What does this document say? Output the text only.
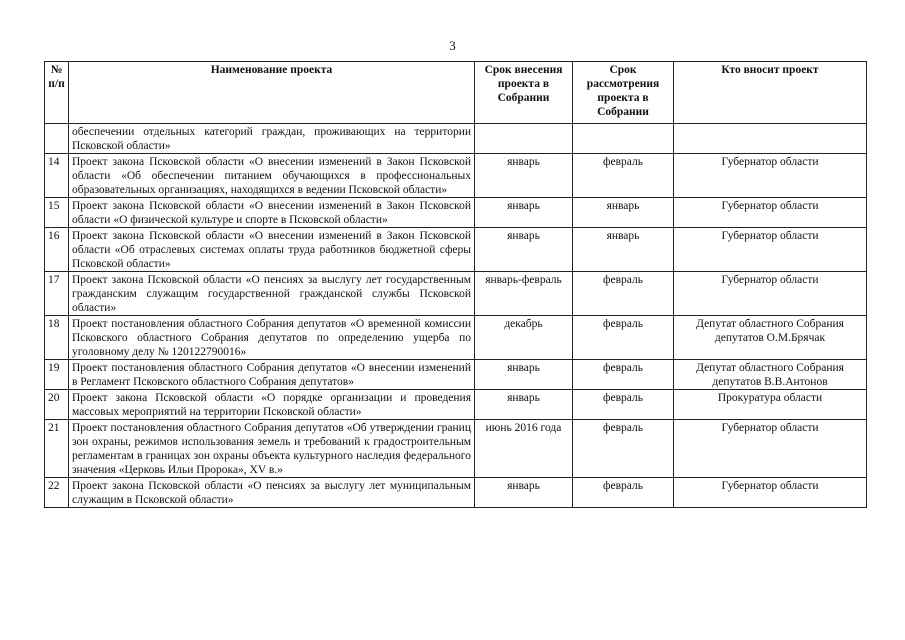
3
№ п/п	Наименование проекта	Срок внесения проекта в Собрании	Срок рассмотрения проекта в Собрании	Кто вносит проект
	обеспечении отдельных категорий граждан, проживающих на территории Псковской области»			
14	Проект закона Псковской области «О внесении изменений в Закон Псковской области «Об обеспечении питанием обучающихся в профессиональных образовательных организациях, находящихся в ведении Псковской области»	январь	февраль	Губернатор области
15	Проект закона Псковской области «О внесении изменений в Закон Псковской области «О физической культуре и спорте в Псковской области»	январь	январь	Губернатор области
16	Проект закона Псковской области «О внесении изменений в Закон Псковской области «Об отраслевых системах оплаты труда работников бюджетной сферы Псковской области»	январь	январь	Губернатор области
17	Проект закона Псковской области «О пенсиях за выслугу лет государственным гражданским служащим государственной гражданской службы Псковской области»	январь-февраль	февраль	Губернатор области
18	Проект постановления областного Собрания депутатов «О временной комиссии Псковского областного Собрания депутатов по определению ущерба по уголовному делу № 120122790016»	декабрь	февраль	Депутат областного Собрания депутатов О.М.Брячак
19	Проект постановления областного Собрания депутатов «О внесении изменений в Регламент Псковского областного Собрания депутатов»	январь	февраль	Депутат областного Собрания депутатов В.В.Антонов
20	Проект закона Псковской области «О порядке организации и проведения массовых мероприятий на территории Псковской области»	январь	февраль	Прокуратура области
21	Проект постановления областного Собрания депутатов «Об утверждении границ зон охраны, режимов использования земель и требований к градостроительным регламентам в границах зон охраны объекта культурного наследия федерального значения «Церковь Ильи Пророка», XV в.»	июнь 2016 года	февраль	Губернатор области
22	Проект закона Псковской области «О пенсиях за выслугу лет муниципальным служащим в Псковской области»	январь	февраль	Губернатор области
